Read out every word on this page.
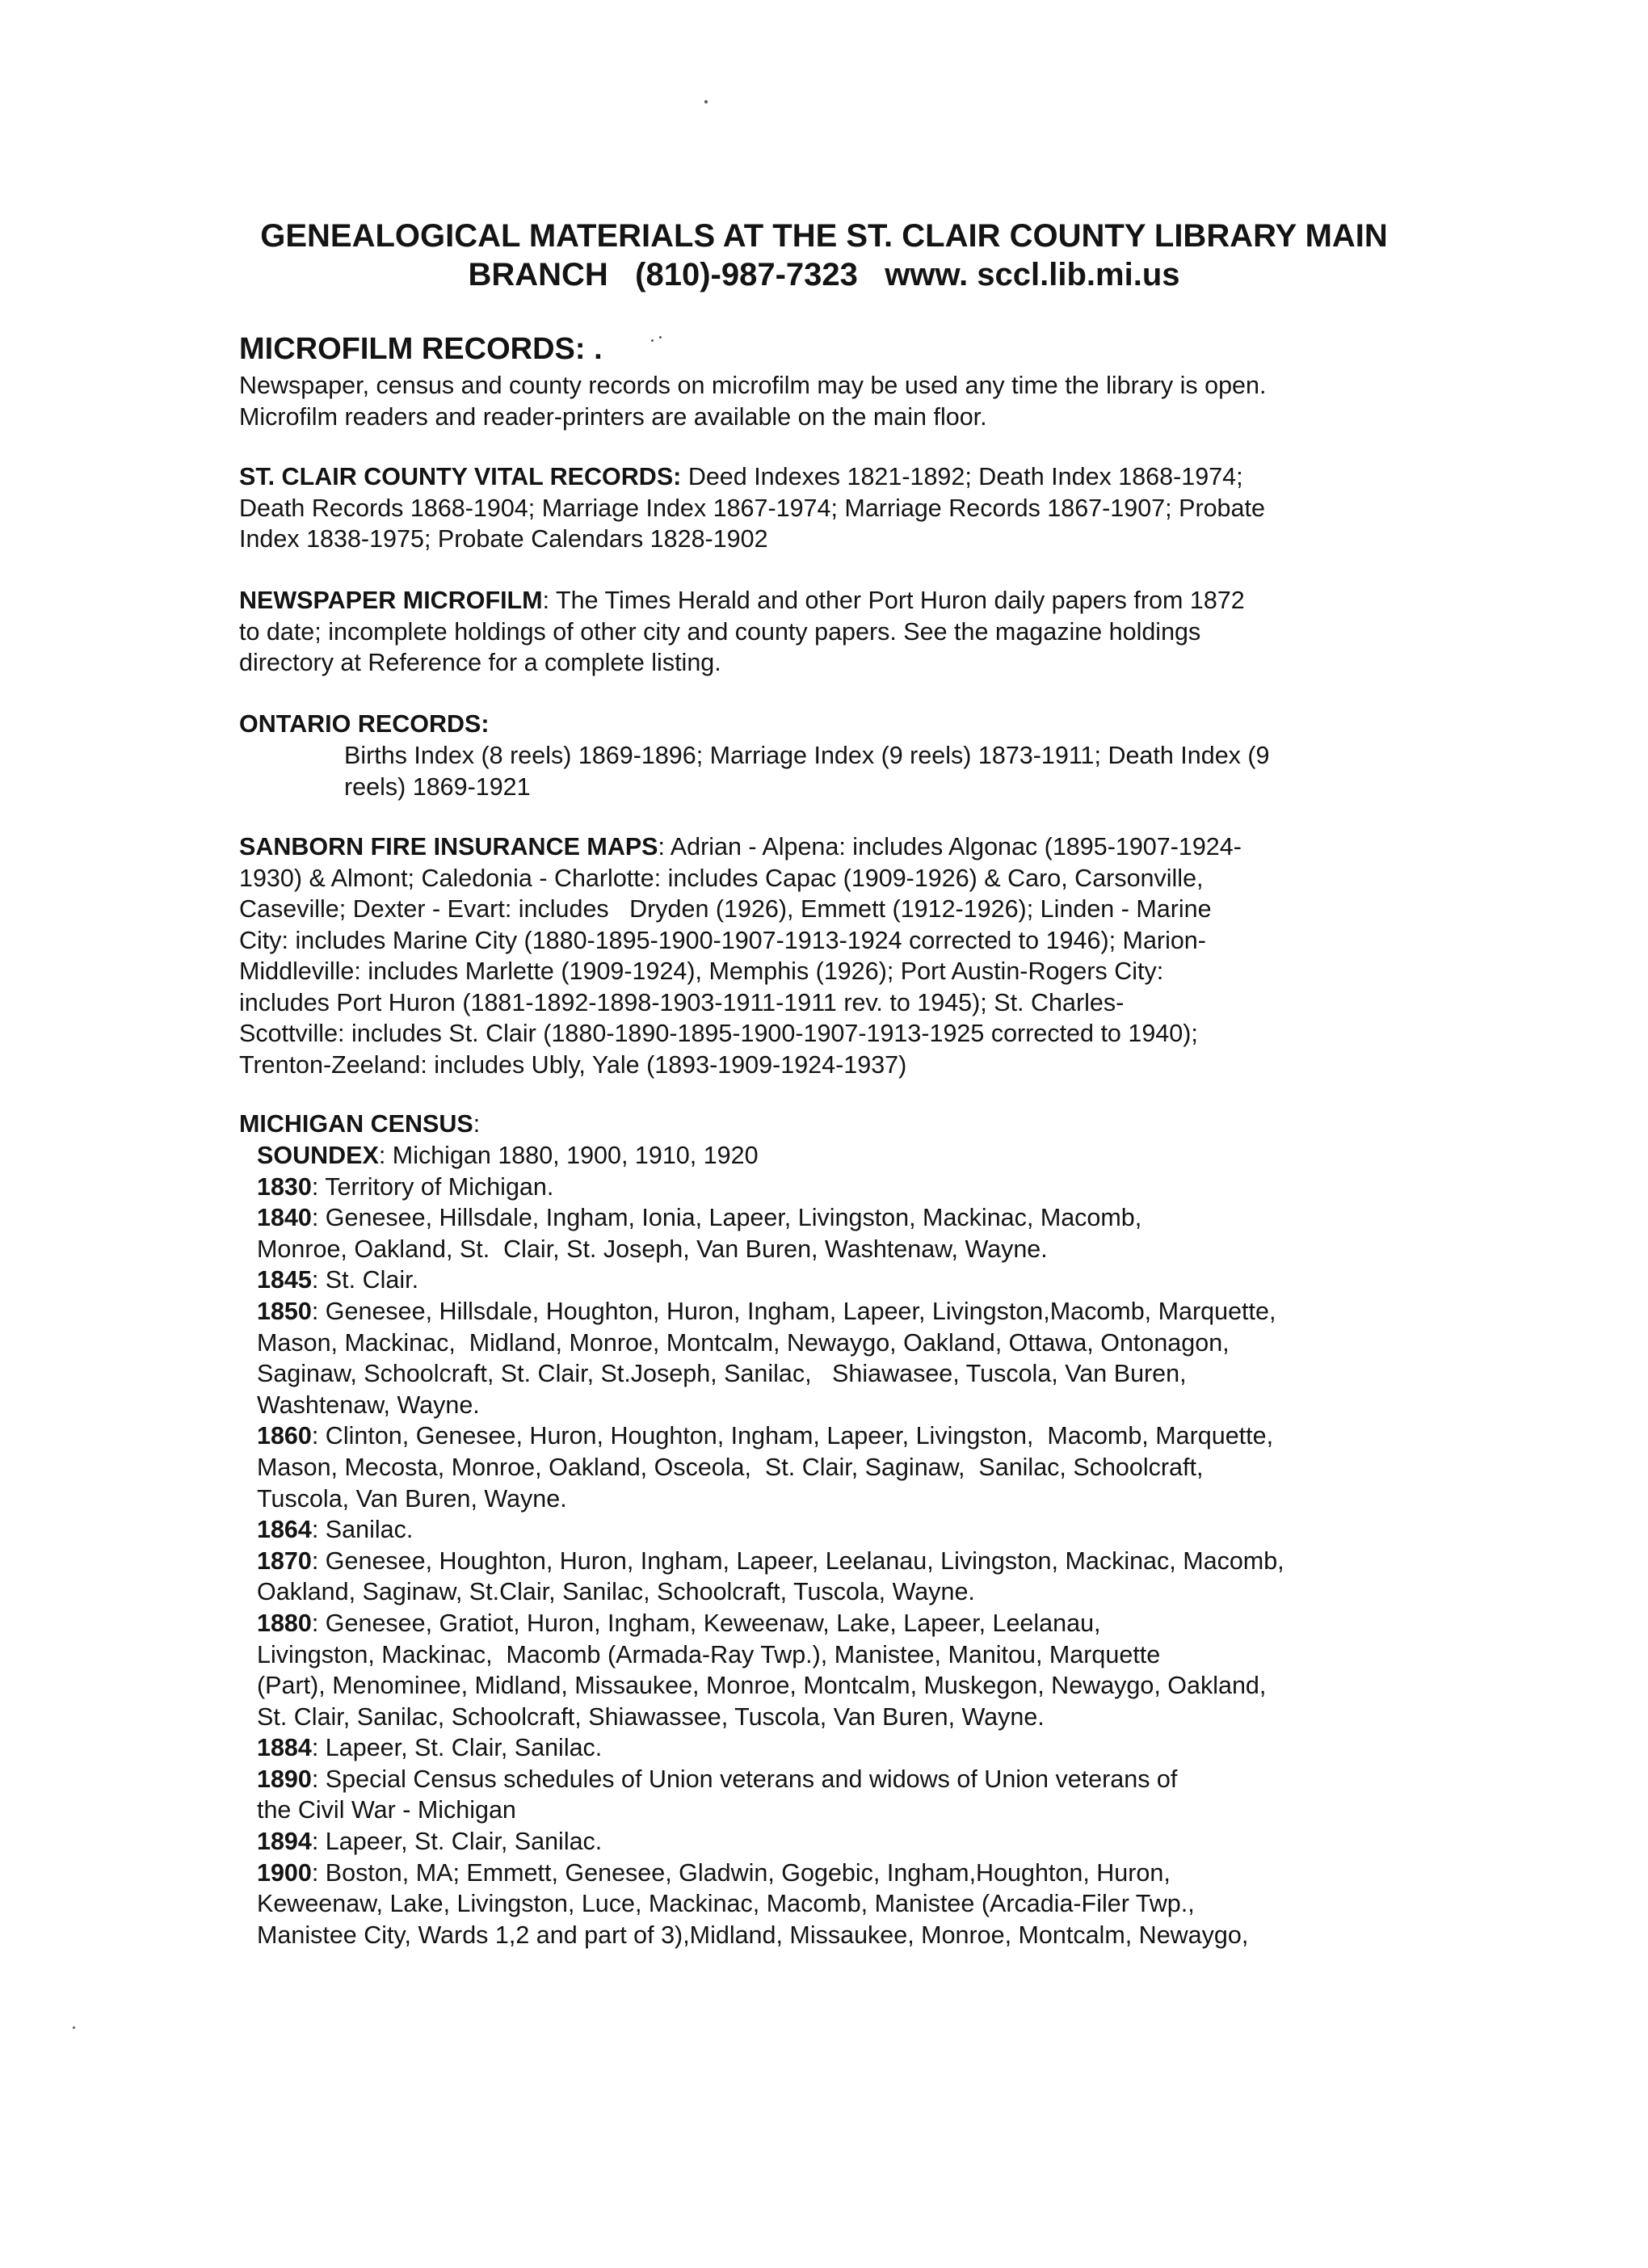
GENEALOGICAL MATERIALS AT THE ST. CLAIR COUNTY LIBRARY MAIN
BRANCH   (810)-987-7323   www. sccl.lib.mi.us
MICROFILM RECORDS: .
Newspaper, census and county records on microfilm may be used any time the library is open.
Microfilm readers and reader-printers are available on the main floor.
ST. CLAIR COUNTY VITAL RECORDS: Deed Indexes 1821-1892; Death Index 1868-1974;
Death Records 1868-1904; Marriage Index 1867-1974; Marriage Records 1867-1907; Probate
Index 1838-1975; Probate Calendars 1828-1902
NEWSPAPER MICROFILM: The Times Herald and other Port Huron daily papers from 1872
to date; incomplete holdings of other city and county papers. See the magazine holdings
directory at Reference for a complete listing.
ONTARIO RECORDS:
Births Index (8 reels) 1869-1896; Marriage Index (9 reels) 1873-1911; Death Index (9
reels) 1869-1921
SANBORN FIRE INSURANCE MAPS: Adrian - Alpena: includes Algonac (1895-1907-1924-
1930) & Almont; Caledonia - Charlotte: includes Capac (1909-1926) & Caro, Carsonville,
Caseville; Dexter - Evart: includes   Dryden (1926), Emmett (1912-1926); Linden - Marine
City: includes Marine City (1880-1895-1900-1907-1913-1924 corrected to 1946); Marion-
Middleville: includes Marlette (1909-1924), Memphis (1926); Port Austin-Rogers City:
includes Port Huron (1881-1892-1898-1903-1911-1911 rev. to 1945); St. Charles-
Scottville: includes St. Clair (1880-1890-1895-1900-1907-1913-1925 corrected to 1940);
Trenton-Zeeland: includes Ubly, Yale (1893-1909-1924-1937)
MICHIGAN CENSUS:
SOUNDEX: Michigan 1880, 1900, 1910, 1920
1830: Territory of Michigan.
1840: Genesee, Hillsdale, Ingham, Ionia, Lapeer, Livingston, Mackinac, Macomb,
Monroe, Oakland, St.  Clair, St. Joseph, Van Buren, Washtenaw, Wayne.
1845: St. Clair.
1850: Genesee, Hillsdale, Houghton, Huron, Ingham, Lapeer, Livingston,Macomb, Marquette,
Mason, Mackinac,  Midland, Monroe, Montcalm, Newaygo, Oakland, Ottawa, Ontonagon,
Saginaw, Schoolcraft, St. Clair, St.Joseph, Sanilac,   Shiawasee, Tuscola, Van Buren,
Washtenaw, Wayne.
1860: Clinton, Genesee, Huron, Houghton, Ingham, Lapeer, Livingston,  Macomb, Marquette,
Mason, Mecosta, Monroe, Oakland, Osceola,  St. Clair, Saginaw,  Sanilac, Schoolcraft,
Tuscola, Van Buren, Wayne.
1864: Sanilac.
1870: Genesee, Houghton, Huron, Ingham, Lapeer, Leelanau, Livingston, Mackinac, Macomb,
Oakland, Saginaw, St.Clair, Sanilac, Schoolcraft, Tuscola, Wayne.
1880: Genesee, Gratiot, Huron, Ingham, Keweenaw, Lake, Lapeer, Leelanau,
Livingston, Mackinac,  Macomb (Armada-Ray Twp.), Manistee, Manitou, Marquette
(Part), Menominee, Midland, Missaukee, Monroe, Montcalm, Muskegon, Newaygo, Oakland,
St. Clair, Sanilac, Schoolcraft, Shiawassee, Tuscola, Van Buren, Wayne.
1884: Lapeer, St. Clair, Sanilac.
1890: Special Census schedules of Union veterans and widows of Union veterans of
the Civil War - Michigan
1894: Lapeer, St. Clair, Sanilac.
1900: Boston, MA; Emmett, Genesee, Gladwin, Gogebic, Ingham,Houghton, Huron,
Keweenaw, Lake, Livingston, Luce, Mackinac, Macomb, Manistee (Arcadia-Filer Twp.,
Manistee City, Wards 1,2 and part of 3),Midland, Missaukee, Monroe, Montcalm, Newaygo,
